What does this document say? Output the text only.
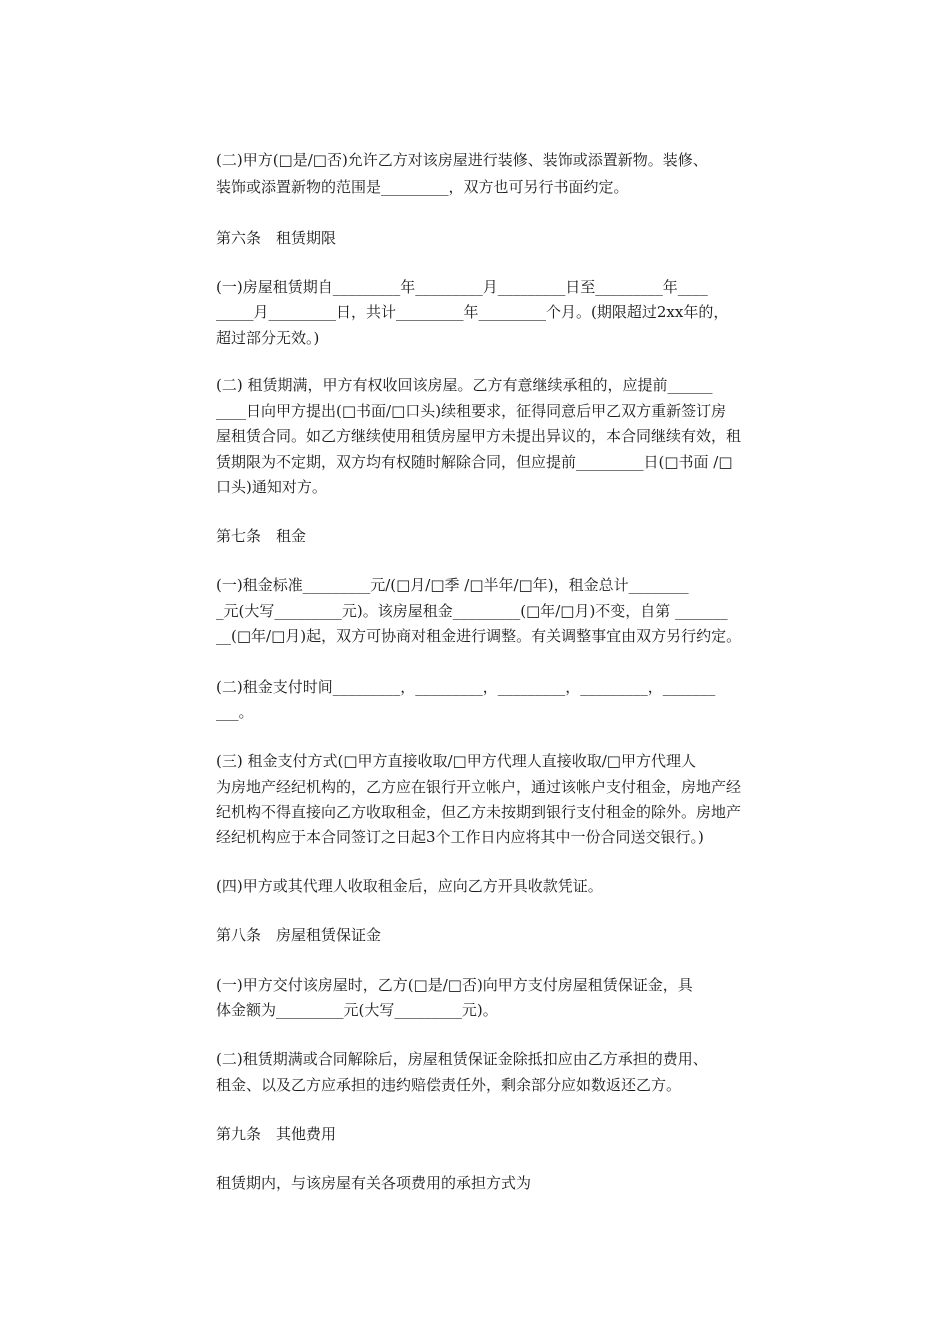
(二)甲方(□是/□否)允许乙方对该房屋进行装修、装饰或添置新物。装修、

装饰或添置新物的范围是_________，双方也可另行书面约定。

第六条　租赁期限

(一)房屋租赁期自_________年_________月_________日至_________年____

_____月_________日，共计_________年_________个月。(期限超过2xx年的，

超过部分无效。)

(二) 租赁期满，甲方有权收回该房屋。乙方有意继续承租的，应提前______

____日向甲方提出(□书面/□口头)续租要求，征得同意后甲乙双方重新签订房

屋租赁合同。如乙方继续使用租赁房屋甲方未提出异议的，本合同继续有效，租

赁期限为不定期，双方均有权随时解除合同，但应提前_________日(□书面 /□

口头)通知对方。

第七条　租金

(一)租金标准_________元/(□月/□季 /□半年/□年)，租金总计________

_元(大写_________元)。该房屋租金_________(□年/□月)不变，自第 _______

__(□年/□月)起，双方可协商对租金进行调整。有关调整事宜由双方另行约定。

(二)租金支付时间_________，_________，_________，_________，_______

___。

(三) 租金支付方式(□甲方直接收取/□甲方代理人直接收取/□甲方代理人

为房地产经纪机构的，乙方应在银行开立帐户，通过该帐户支付租金，房地产经

纪机构不得直接向乙方收取租金，但乙方未按期到银行支付租金的除外。房地产

经纪机构应于本合同签订之日起3个工作日内应将其中一份合同送交银行。)

(四)甲方或其代理人收取租金后，应向乙方开具收款凭证。

第八条　房屋租赁保证金

(一)甲方交付该房屋时，乙方(□是/□否)向甲方支付房屋租赁保证金，具

体金额为_________元(大写_________元)。

(二)租赁期满或合同解除后，房屋租赁保证金除抵扣应由乙方承担的费用、

租金、以及乙方应承担的违约赔偿责任外，剩余部分应如数返还乙方。

第九条　其他费用

租赁期内，与该房屋有关各项费用的承担方式为
